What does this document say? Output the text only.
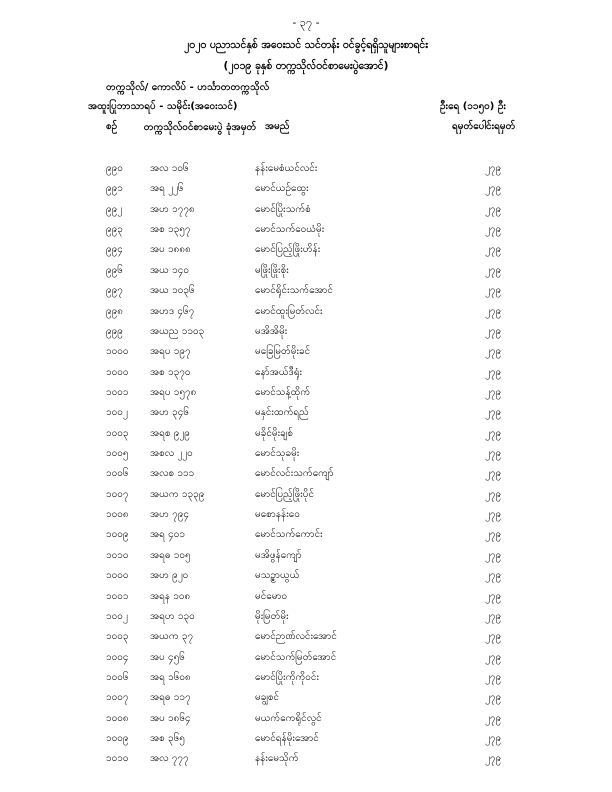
- ၃၇ -
၂၀၂၀ ပညာသင်နှစ် အဝေးသင် သင်တန်း ဝင်ခွင့်ရရှိသူများစာရင်း
(၂၀၁၉ ခုနှစ် တက္ကသိုလ်ဝင်စာမေးပွဲအောင်)
တက္ကသိုလ်/ ကောလိပ် - ဟင်္သာတတက္ကသိုလ်
အထူးပြုဘာသာရပ် - သမိုင်း(အဝေးသင်)	ဦးရေ (၁၁၅၀) ဦး
စဉ်	တက္ကသိုလ်ဝင်စာမေးပွဲ ခုံအမှတ် အမည်	ရမှတ်ပေါင်းရမှတ်
၉၉၀	အလ ၁၀၆	နန်းမေစံယင်လင်း	၂၇၉
၉၉၁	အရ ၂၂၆	မောင်ယဉ်ထွေး	၂၇၉
၉၉၂	အဟ ၁၇၇၈	မောင်ပြိုးသက်စံ	၂၇၉
၉၉၃	အစ ၁၃၅၇	မောင်သက်ဝေယံမိုး	၂၇၉
၉၉၄	အပ ၁၈၈၈	မောင်ပြည့်ဖြိုးဟိန်း	၂၇၉
၉၉၆	အယ ၁၄၀	မဖြိုးဖြိုးစိုး	၂၇၉
၉၉၇	အယ ၁၀၃၆	မောင်ရိုင်းသက်အောင်	၂၇၉
၉၉၈	အဟဒ ၄၆၇	မောင်ထူးမြတ်လင်း	၂၇၉
၉၉၉	အယည ၁၁၀၃	မအိအိမိုး	၂၇၉
၁၀၀၀ အရပ ၁၉၇	မခြေမြတ်မိုးခင်	၂၇၉
၁၀၀၀ အစ ၁၃၇၀	နော်အယ်ဒီရုံး	၂၇၉
၁၀၀၁ အရပ ၁၅၇၈	မောင်သန့်ထိုက်	၂၇၉
၁၀၀၂ အဟ ၃၄၆	မနှင်းထက်ရည်	၂၇၉
၁၀၀၃ အရစ ၉၂၉	မခိုင်မိုးချစ်	၂၇၉
၁၀၀၅ အစလ ၂၂၀	မောင်သုခမိုး	၂၇၉
၁၀၀၆ အလစ ၁၁၁	မောင်လင်းသက်ကျော်	၂၇၉
၁၀၀၇ အယက ၁၃၃၉	မောင်ပြည့်ဖြိုးပိုင်	၂၇၉
၁၀၀၈ အဟ ၇၉၄	မစောနန်းဝေ	၂၇၉
၁၀၀၉ အရ ၄၀၁	မောင်သက်ကောင်း	၂၇၉
၁၀၁၀ အရဓ ၁၀၅	မအိဖွန်ကျော်	၂၇၉
၁၀၀၀ အဟ ၉၂၀	မသဉ္စာယွယ်	၂၇၉
၁၀၀၁ အရန ၁၀၈	မင်မော၀	၂၇၉
၁၀၀၂ အရဟ ၁၃၀	မိုးမြတ်မိုး	၂၇၉
၁၀၀၃ အယက ၃၇	မောင်ဉာဏ်လင်းအောင်	၂၇၉
၁၀၀၄ အပ ၄၅၆	မောင်သက်မြတ်အောင်	၂၇၉
၁၀၀၆ အရ ၁၆၀၈	မောင်ပြိုးကိုကိုဝင်း	၂၇၉
၁၀၀၇ အရဓ ၁၁၇	မချွစင်	၂၇၉
၁၀၀၈ အပ ၁၈၆၄	မယက်ကေရိုင်လွင်	၂၇၉
၁၀၀၉ အစ ၃၆၅	မောင်ရန်မိုးအောင်	၂၇၉
၁၀၁၀ အလ ၇၇၇	နန်းမေသိုက်	၂၇၉
